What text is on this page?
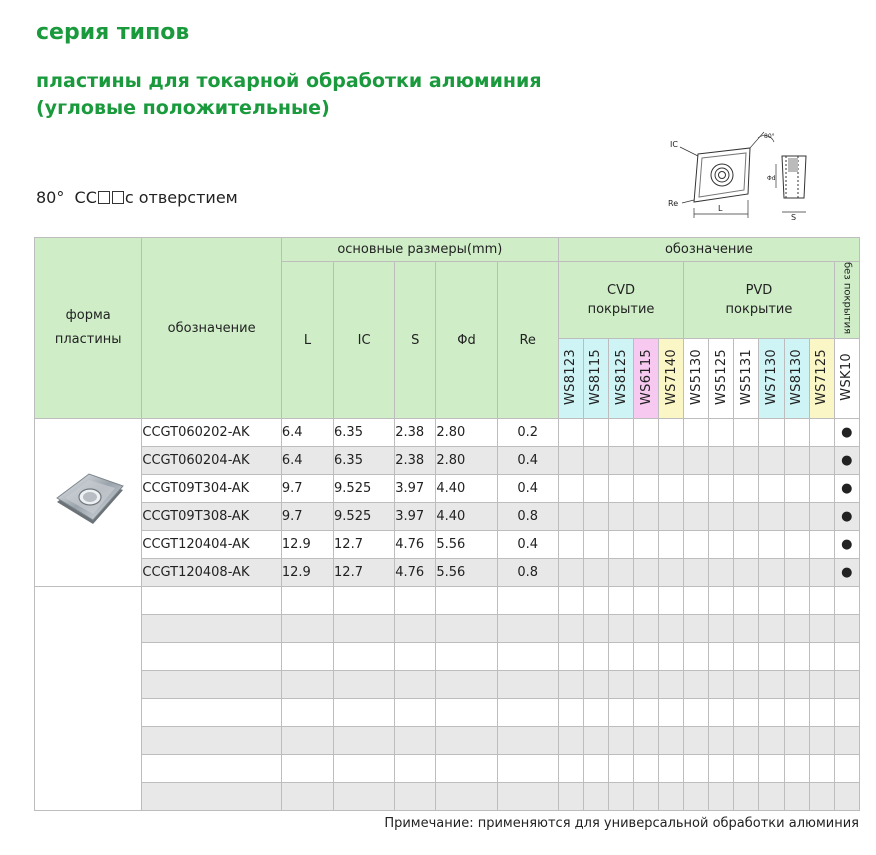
серия типов
пластины для токарной обработки алюминия
(угловые положительные)
80° CC с отверстием
IC
Re
L
S
Φd
80°
форма пластины	обозначение	основные размеры(mm)					обозначение											
		L	IC	S	Φd	Re	CVD покрытие					PVD покрытие						без покрытия
							WS8123	WS8115	WS8125	WS6115	WS7140	WS5130	WS5125	WS5131	WS7130	WS8130	WS7125	WSK10
	CCGT060202-AK	6.4	6.35	2.38	2.80	0.2												●
	CCGT060204-AK	6.4	6.35	2.38	2.80	0.4												●
	CCGT09T304-AK	9.7	9.525	3.97	4.40	0.4												●
	CCGT09T308-AK	9.7	9.525	3.97	4.40	0.8												●
	CCGT120404-AK	12.9	12.7	4.76	5.56	0.4												●
	CCGT120408-AK	12.9	12.7	4.76	5.56	0.8												●

Примечание: применяются для универсальной обработки алюминия
